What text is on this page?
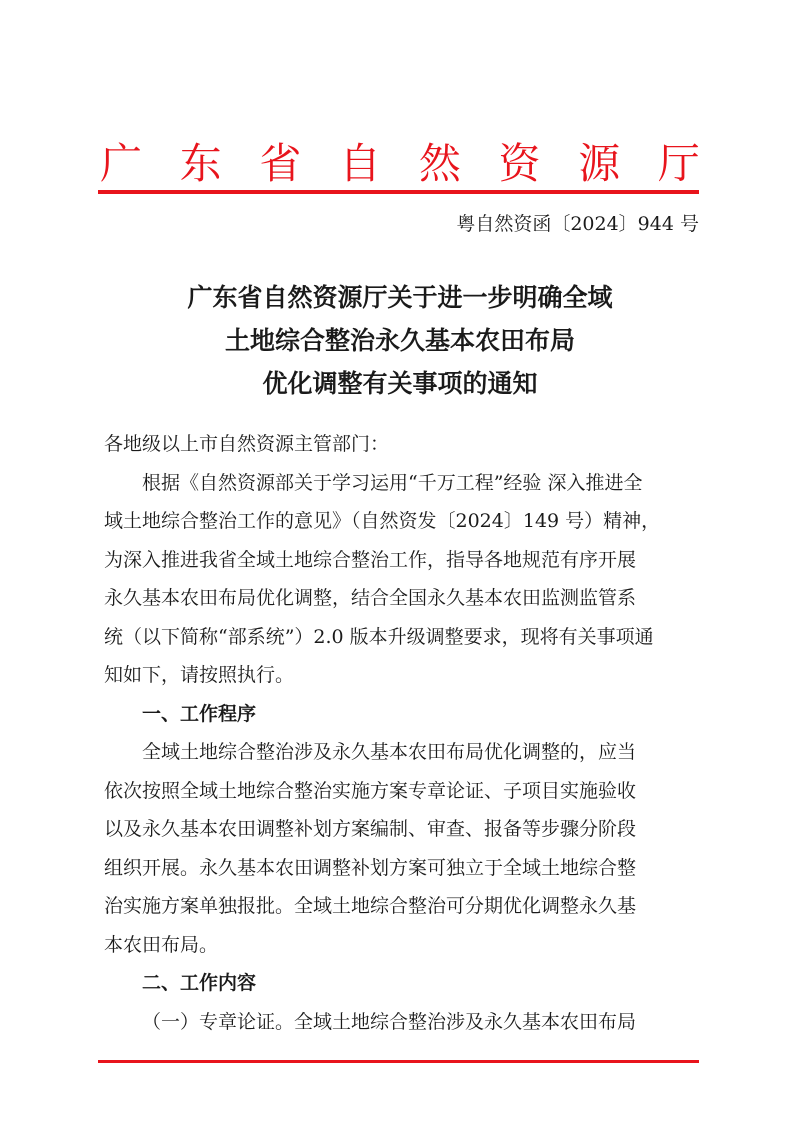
广 东 省 自 然 资 源 厅
粤自然资函〔2024〕944 号
广东省自然资源厅关于进一步明确全域
土地综合整治永久基本农田布局
优化调整有关事项的通知
各地级以上市自然资源主管部门：
根据《自然资源部关于学习运用“千万工程”经验 深入推进全
域土地综合整治工作的意见》（自然资发〔2024〕149 号）精神，
为深入推进我省全域土地综合整治工作，指导各地规范有序开展
永久基本农田布局优化调整，结合全国永久基本农田监测监管系
统（以下简称“部系统”）2.0 版本升级调整要求，现将有关事项通
知如下，请按照执行。
一、工作程序
全域土地综合整治涉及永久基本农田布局优化调整的，应当
依次按照全域土地综合整治实施方案专章论证、子项目实施验收
以及永久基本农田调整补划方案编制、审查、报备等步骤分阶段
组织开展。永久基本农田调整补划方案可独立于全域土地综合整
治实施方案单独报批。全域土地综合整治可分期优化调整永久基
本农田布局。
二、工作内容
（一）专章论证。全域土地综合整治涉及永久基本农田布局
